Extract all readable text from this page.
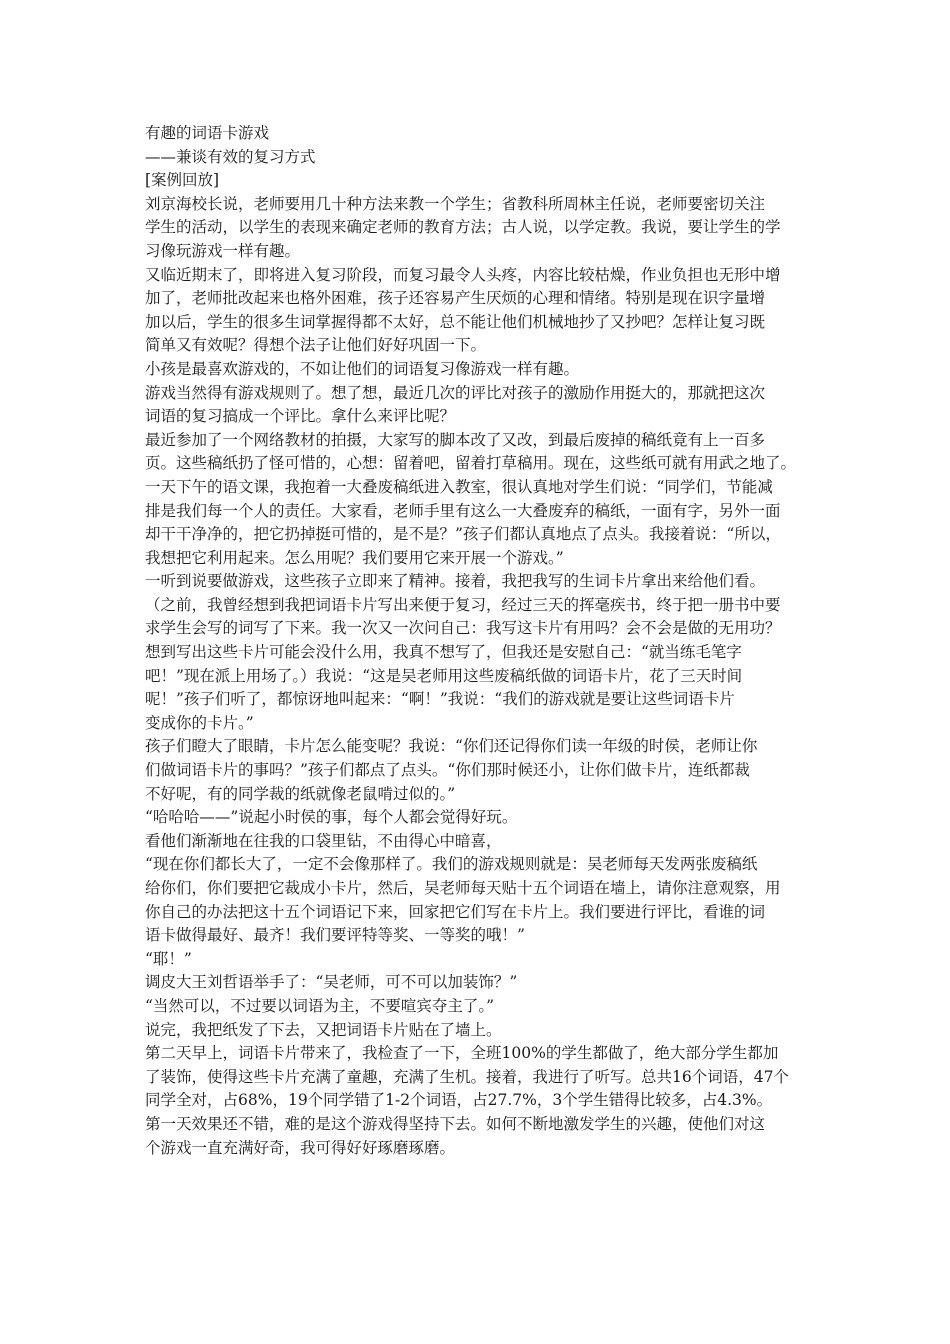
有趣的词语卡游戏
——兼谈有效的复习方式
[案例回放]
刘京海校长说，老师要用几十种方法来教一个学生；省教科所周林主任说，老师要密切关注
学生的活动，以学生的表现来确定老师的教育方法；古人说，以学定教。我说，要让学生的学
习像玩游戏一样有趣。
又临近期末了，即将进入复习阶段，而复习最令人头疼，内容比较枯燥，作业负担也无形中增
加了，老师批改起来也格外困难，孩子还容易产生厌烦的心理和情绪。特别是现在识字量增
加以后，学生的很多生词掌握得都不太好，总不能让他们机械地抄了又抄吧？怎样让复习既
简单又有效呢？得想个法子让他们好好巩固一下。
小孩是最喜欢游戏的，不如让他们的词语复习像游戏一样有趣。
游戏当然得有游戏规则了。想了想，最近几次的评比对孩子的激励作用挺大的，那就把这次
词语的复习搞成一个评比。拿什么来评比呢？
最近参加了一个网络教材的拍摄，大家写的脚本改了又改，到最后废掉的稿纸竟有上一百多
页。这些稿纸扔了怪可惜的，心想：留着吧，留着打草稿用。现在，这些纸可就有用武之地了。
一天下午的语文课，我抱着一大叠废稿纸进入教室，很认真地对学生们说：“同学们，节能减
排是我们每一个人的责任。大家看，老师手里有这么一大叠废弃的稿纸，一面有字，另外一面
却干干净净的，把它扔掉挺可惜的，是不是？”孩子们都认真地点了点头。我接着说：“所以，
我想把它利用起来。怎么用呢？我们要用它来开展一个游戏。”
一听到说要做游戏，这些孩子立即来了精神。接着，我把我写的生词卡片拿出来给他们看。
（之前，我曾经想到我把词语卡片写出来便于复习，经过三天的挥毫疾书，终于把一册书中要
求学生会写的词写了下来。我一次又一次问自己：我写这卡片有用吗？会不会是做的无用功？
想到写出这些卡片可能会没什么用，我真不想写了，但我还是安慰自己：“就当练毛笔字
吧！”现在派上用场了。）我说：“这是吴老师用这些废稿纸做的词语卡片，花了三天时间
呢！”孩子们听了，都惊讶地叫起来：“啊！”我说：“我们的游戏就是要让这些词语卡片
变成你的卡片。”
孩子们瞪大了眼睛，卡片怎么能变呢？我说：“你们还记得你们读一年级的时侯，老师让你
们做词语卡片的事吗？”孩子们都点了点头。“你们那时候还小，让你们做卡片，连纸都裁
不好呢，有的同学裁的纸就像老鼠啃过似的。”
“哈哈哈——”说起小时侯的事，每个人都会觉得好玩。
看他们渐渐地在往我的口袋里钻，不由得心中暗喜，
“现在你们都长大了，一定不会像那样了。我们的游戏规则就是：吴老师每天发两张废稿纸
给你们，你们要把它裁成小卡片，然后，吴老师每天贴十五个词语在墙上，请你注意观察，用
你自己的办法把这十五个词语记下来，回家把它们写在卡片上。我们要进行评比，看谁的词
语卡做得最好、最齐！我们要评特等奖、一等奖的哦！”
“耶！”
调皮大王刘哲语举手了：“吴老师，可不可以加装饰？”
“当然可以，不过要以词语为主，不要喧宾夺主了。”
说完，我把纸发了下去，又把词语卡片贴在了墙上。
第二天早上，词语卡片带来了，我检查了一下，全班100%的学生都做了，绝大部分学生都加
了装饰，使得这些卡片充满了童趣，充满了生机。接着，我进行了听写。总共16个词语，47个
同学全对，占68%，19个同学错了1-2个词语，占27.7%，3个学生错得比较多，占4.3%。
第一天效果还不错，难的是这个游戏得坚持下去。如何不断地激发学生的兴趣，使他们对这
个游戏一直充满好奇，我可得好好琢磨琢磨。
